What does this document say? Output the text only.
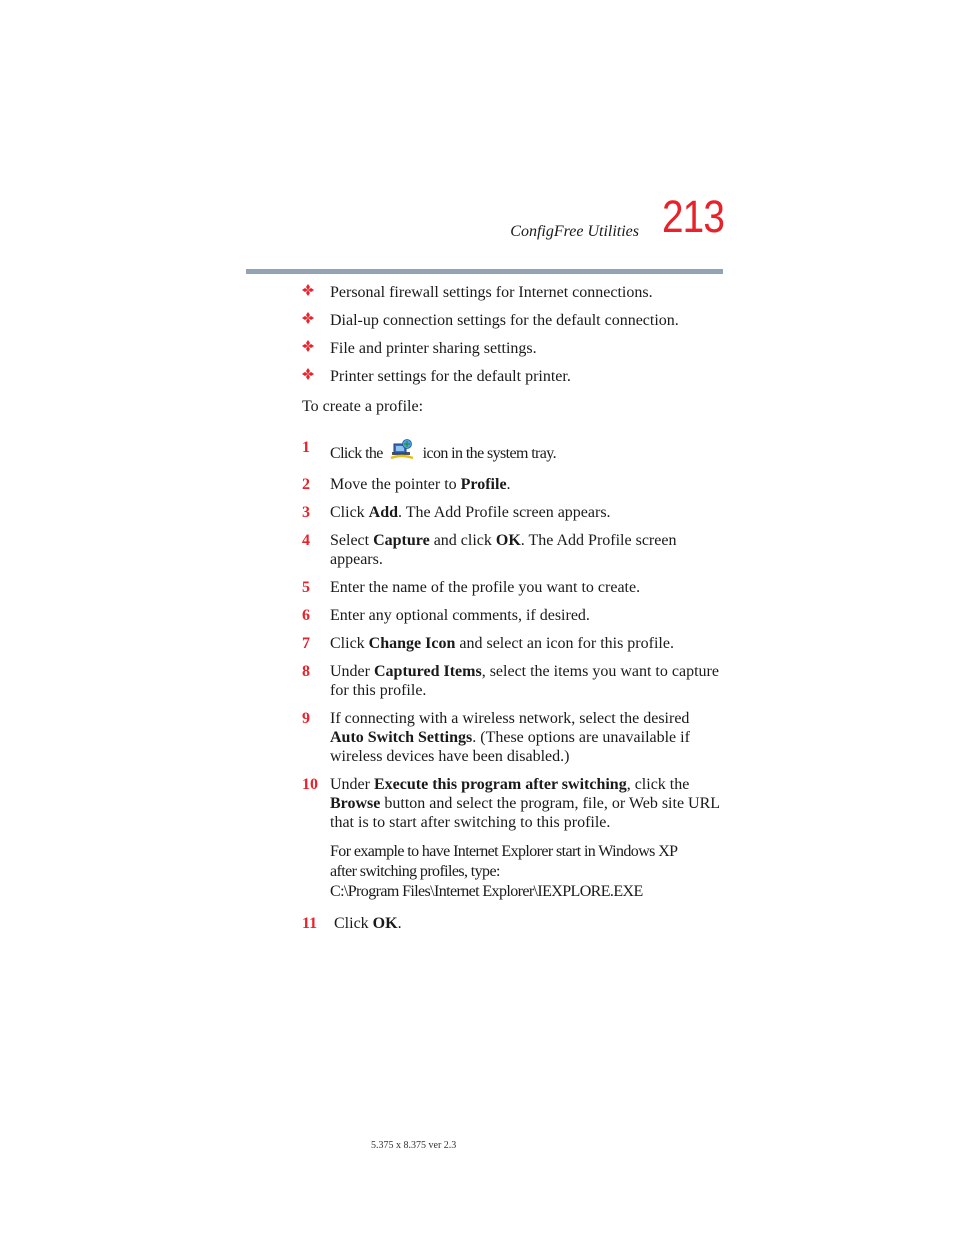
ConfigFree Utilities 213
Personal firewall settings for Internet connections.
Dial-up connection settings for the default connection.
File and printer sharing settings.
Printer settings for the default printer.
To create a profile:
1 Click the icon in the system tray.
2 Move the pointer to Profile.
3 Click Add. The Add Profile screen appears.
4 Select Capture and click OK. The Add Profile screen appears.
5 Enter the name of the profile you want to create.
6 Enter any optional comments, if desired.
7 Click Change Icon and select an icon for this profile.
8 Under Captured Items, select the items you want to capture for this profile.
9 If connecting with a wireless network, select the desired Auto Switch Settings. (These options are unavailable if wireless devices have been disabled.)
10 Under Execute this program after switching, click the Browse button and select the program, file, or Web site URL that is to start after switching to this profile.
For example to have Internet Explorer start in Windows XP
after switching profiles, type:
C:\Program Files\Internet Explorer\IEXPLORE.EXE
11 Click OK.
5.375 x 8.375 ver 2.3
